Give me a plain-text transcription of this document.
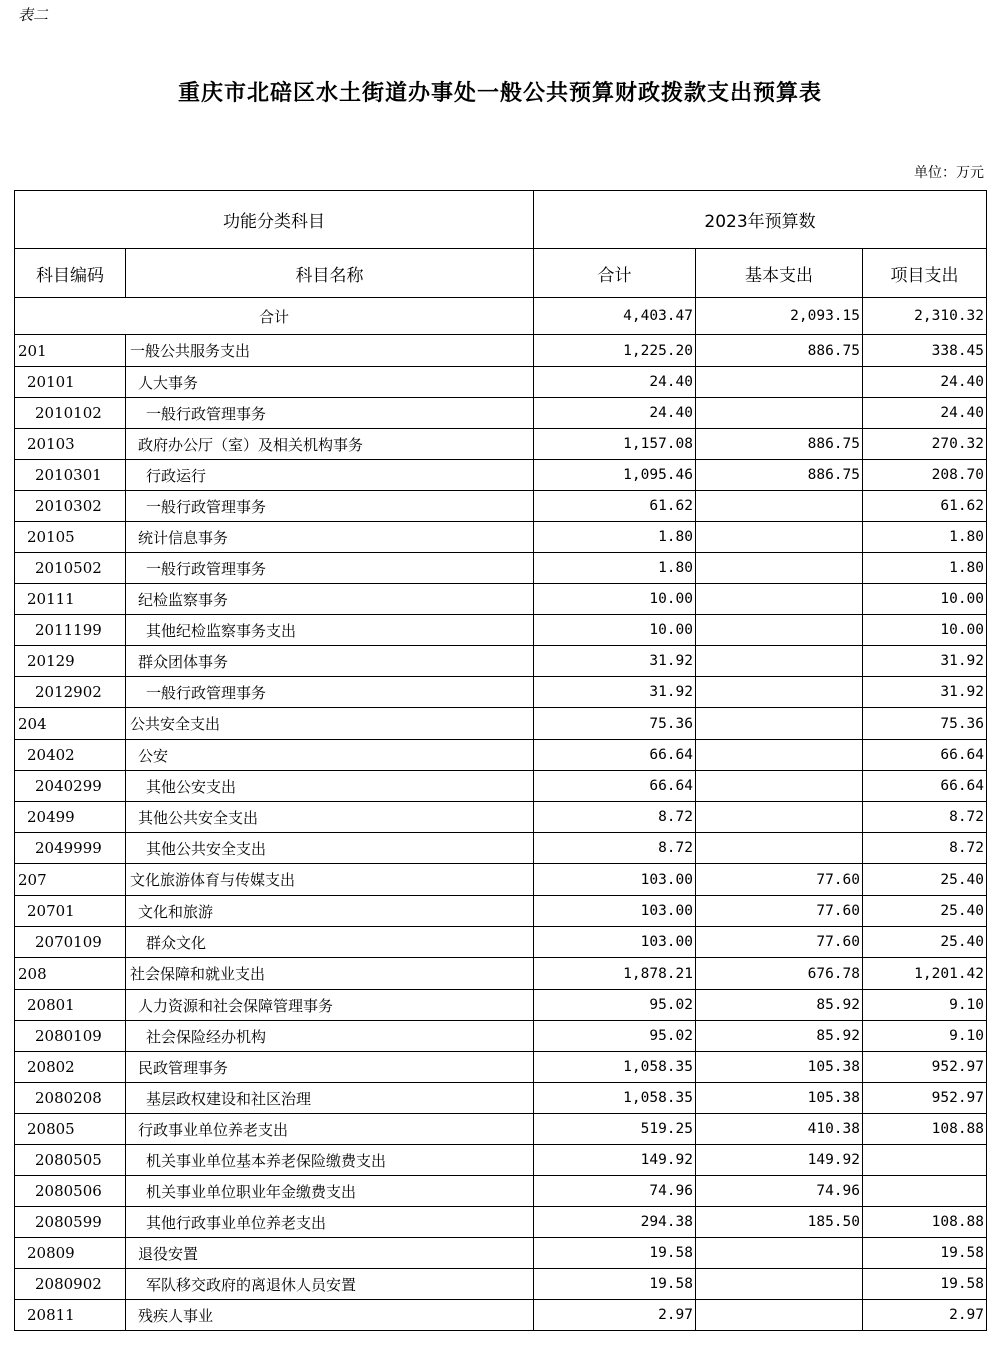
表二
重庆市北碚区水土街道办事处一般公共预算财政拨款支出预算表
单位：万元
功能分类科目		2023年预算数		
科目编码	科目名称	合计	基本支出	项目支出
合计		4,403.47	2,093.15	2,310.32
201	一般公共服务支出	1,225.20	886.75	338.45
20101	人大事务	24.40		24.40
2010102	一般行政管理事务	24.40		24.40
20103	政府办公厅（室）及相关机构事务	1,157.08	886.75	270.32
2010301	行政运行	1,095.46	886.75	208.70
2010302	一般行政管理事务	61.62		61.62
20105	统计信息事务	1.80		1.80
2010502	一般行政管理事务	1.80		1.80
20111	纪检监察事务	10.00		10.00
2011199	其他纪检监察事务支出	10.00		10.00
20129	群众团体事务	31.92		31.92
2012902	一般行政管理事务	31.92		31.92
204	公共安全支出	75.36		75.36
20402	公安	66.64		66.64
2040299	其他公安支出	66.64		66.64
20499	其他公共安全支出	8.72		8.72
2049999	其他公共安全支出	8.72		8.72
207	文化旅游体育与传媒支出	103.00	77.60	25.40
20701	文化和旅游	103.00	77.60	25.40
2070109	群众文化	103.00	77.60	25.40
208	社会保障和就业支出	1,878.21	676.78	1,201.42
20801	人力资源和社会保障管理事务	95.02	85.92	9.10
2080109	社会保险经办机构	95.02	85.92	9.10
20802	民政管理事务	1,058.35	105.38	952.97
2080208	基层政权建设和社区治理	1,058.35	105.38	952.97
20805	行政事业单位养老支出	519.25	410.38	108.88
2080505	机关事业单位基本养老保险缴费支出	149.92	149.92	
2080506	机关事业单位职业年金缴费支出	74.96	74.96	
2080599	其他行政事业单位养老支出	294.38	185.50	108.88
20809	退役安置	19.58		19.58
2080902	军队移交政府的离退休人员安置	19.58		19.58
20811	残疾人事业	2.97		2.97
